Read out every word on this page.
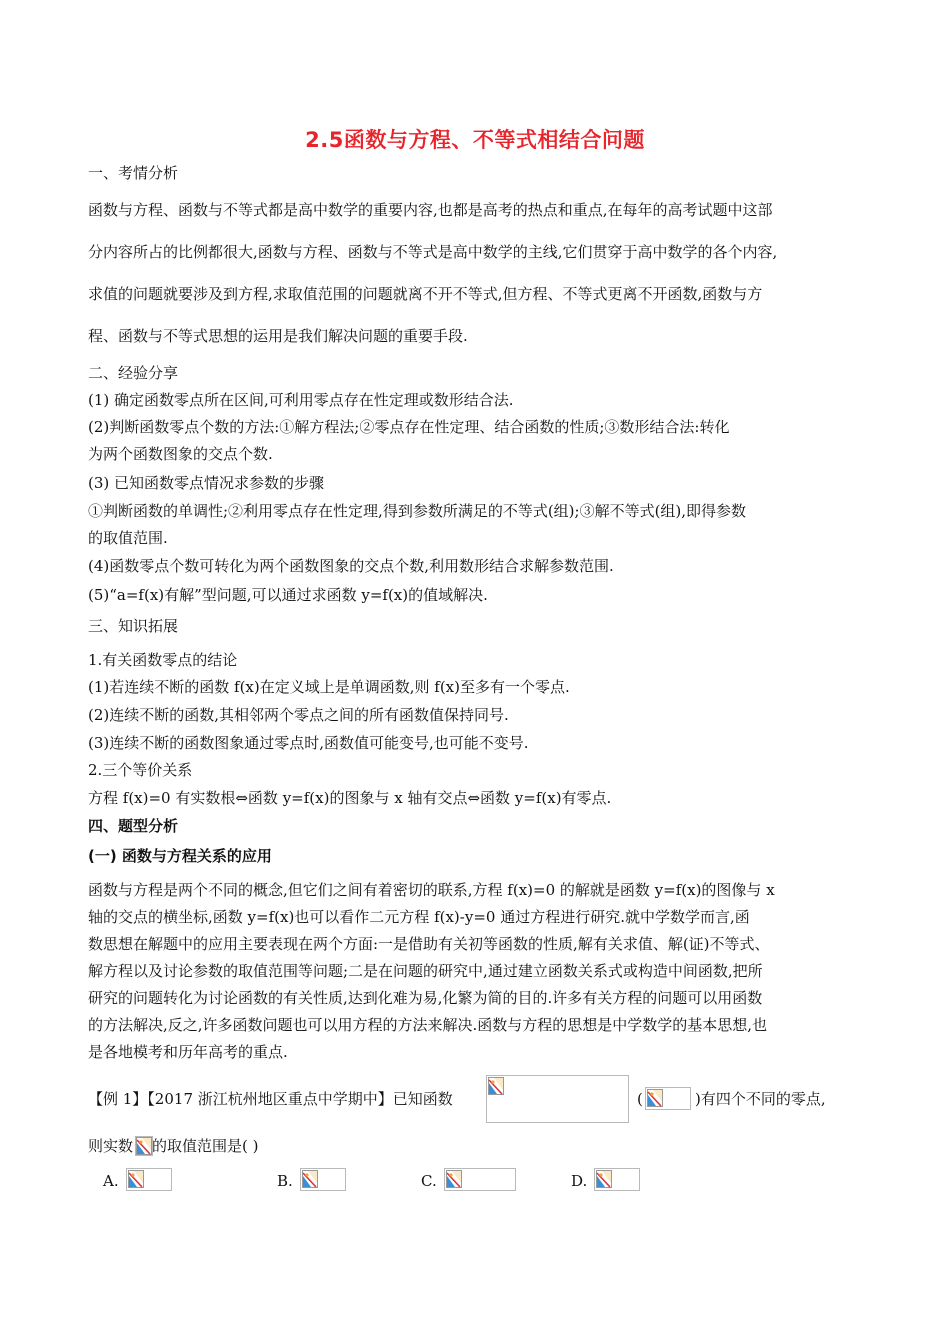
2.5函数与方程、不等式相结合问题
一、考情分析
函数与方程、函数与不等式都是高中数学的重要内容,也都是高考的热点和重点,在每年的高考试题中这部
分内容所占的比例都很大,函数与方程、函数与不等式是高中数学的主线,它们贯穿于高中数学的各个内容,
求值的问题就要涉及到方程,求取值范围的问题就离不开不等式,但方程、不等式更离不开函数,函数与方
程、函数与不等式思想的运用是我们解决问题的重要手段.
二、经验分享
(1) 确定函数零点所在区间,可利用零点存在性定理或数形结合法.
(2)判断函数零点个数的方法:①解方程法;②零点存在性定理、结合函数的性质;③数形结合法:转化
为两个函数图象的交点个数.
(3) 已知函数零点情况求参数的步骤
①判断函数的单调性;②利用零点存在性定理,得到参数所满足的不等式(组);③解不等式(组),即得参数
的取值范围.
(4)函数零点个数可转化为两个函数图象的交点个数,利用数形结合求解参数范围.
(5)“a=f(x)有解”型问题,可以通过求函数 y=f(x)的值域解决.
三、知识拓展
1.有关函数零点的结论
(1)若连续不断的函数 f(x)在定义域上是单调函数,则 f(x)至多有一个零点.
(2)连续不断的函数,其相邻两个零点之间的所有函数值保持同号.
(3)连续不断的函数图象通过零点时,函数值可能变号,也可能不变号.
2.三个等价关系
方程 f(x)=0 有实数根⇔函数 y=f(x)的图象与 x 轴有交点⇔函数 y=f(x)有零点.
四、题型分析
(一) 函数与方程关系的应用
函数与方程是两个不同的概念,但它们之间有着密切的联系,方程 f(x)=0 的解就是函数 y=f(x)的图像与 x
轴的交点的横坐标,函数 y=f(x)也可以看作二元方程 f(x)-y=0 通过方程进行研究.就中学数学而言,函
数思想在解题中的应用主要表现在两个方面:一是借助有关初等函数的性质,解有关求值、解(证)不等式、
解方程以及讨论参数的取值范围等问题;二是在问题的研究中,通过建立函数关系式或构造中间函数,把所
研究的问题转化为讨论函数的有关性质,达到化难为易,化繁为简的目的.许多有关方程的问题可以用函数
的方法解决,反之,许多函数问题也可以用方程的方法来解决.函数与方程的思想是中学数学的基本思想,也
是各地模考和历年高考的重点.
【例 1】【2017 浙江杭州地区重点中学期中】已知函数	(	)有四个不同的零点,
则实数 的取值范围是( )
A.	B.	C.	D.
